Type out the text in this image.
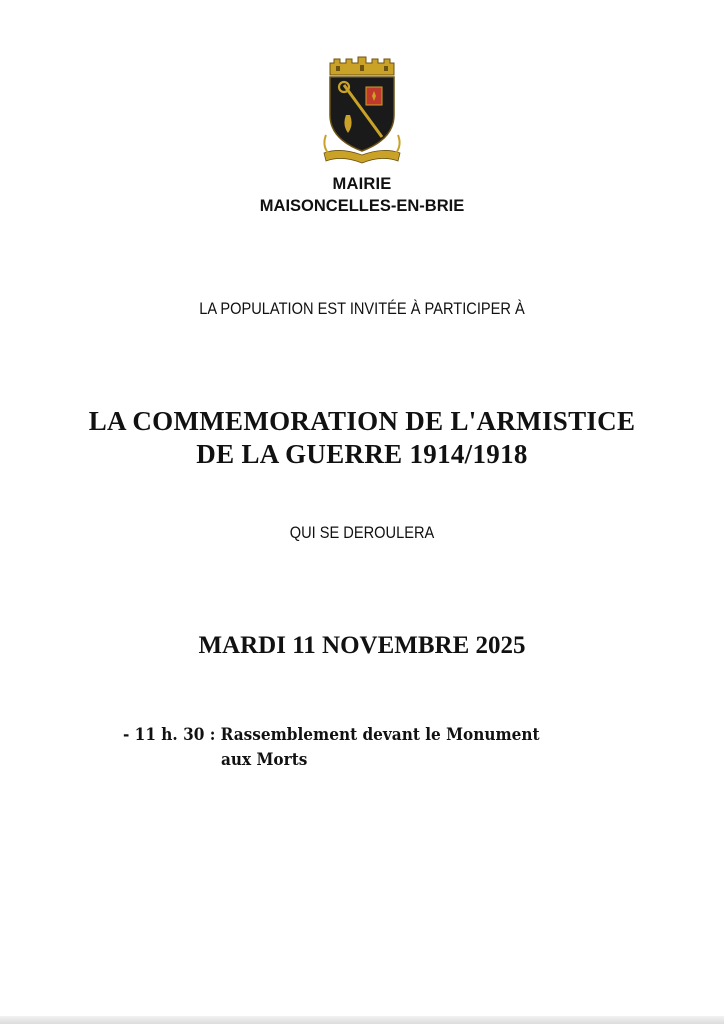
MAIRIE
MAISONCELLES-EN-BRIE
LA POPULATION EST INVITÉE À PARTICIPER À
LA COMMEMORATION DE L'ARMISTICE
DE LA GUERRE 1914/1918
QUI SE DEROULERA
MARDI 11 NOVEMBRE 2025
- 11 h. 30 : Rassemblement devant le Monument
aux Morts
